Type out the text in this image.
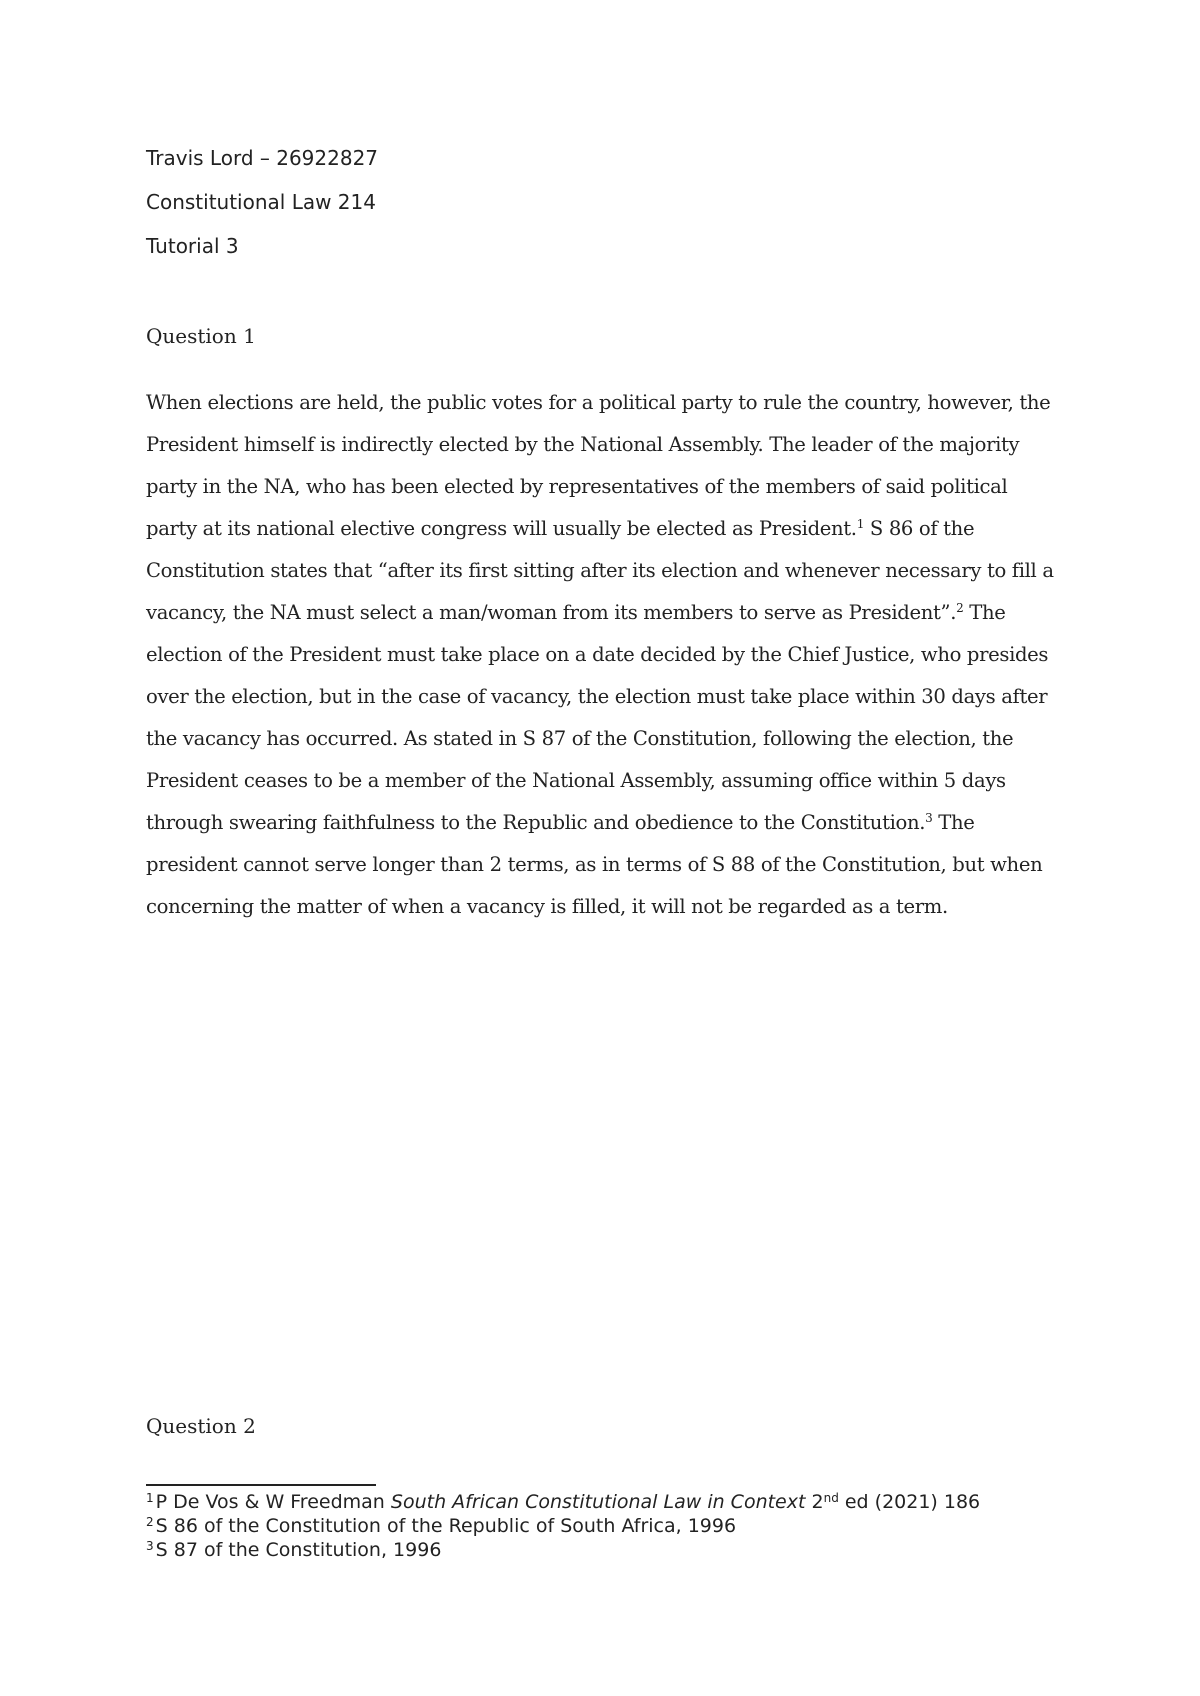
Travis Lord – 26922827
Constitutional Law 214
Tutorial 3
Question 1
When elections are held, the public votes for a political party to rule the country, however, the
President himself is indirectly elected by the National Assembly. The leader of the majority
party in the NA, who has been elected by representatives of the members of said political
party at its national elective congress will usually be elected as President.$^1$ S 86 of the
Constitution states that “after its first sitting after its election and whenever necessary to fill a
vacancy, the NA must select a man/woman from its members to serve as President”.$^2$ The
election of the President must take place on a date decided by the Chief Justice, who presides
over the election, but in the case of vacancy, the election must take place within 30 days after
the vacancy has occurred. As stated in S 87 of the Constitution, following the election, the
President ceases to be a member of the National Assembly, assuming office within 5 days
through swearing faithfulness to the Republic and obedience to the Constitution.$^3$ The
president cannot serve longer than 2 terms, as in terms of S 88 of the Constitution, but when
concerning the matter of when a vacancy is filled, it will not be regarded as a term.
Question 2
$^1$ P De Vos & W Freedman South African Constitutional Law in Context 2nd ed (2021) 186
$^2$ S 86 of the Constitution of the Republic of South Africa, 1996
$^3$ S 87 of the Constitution, 1996
